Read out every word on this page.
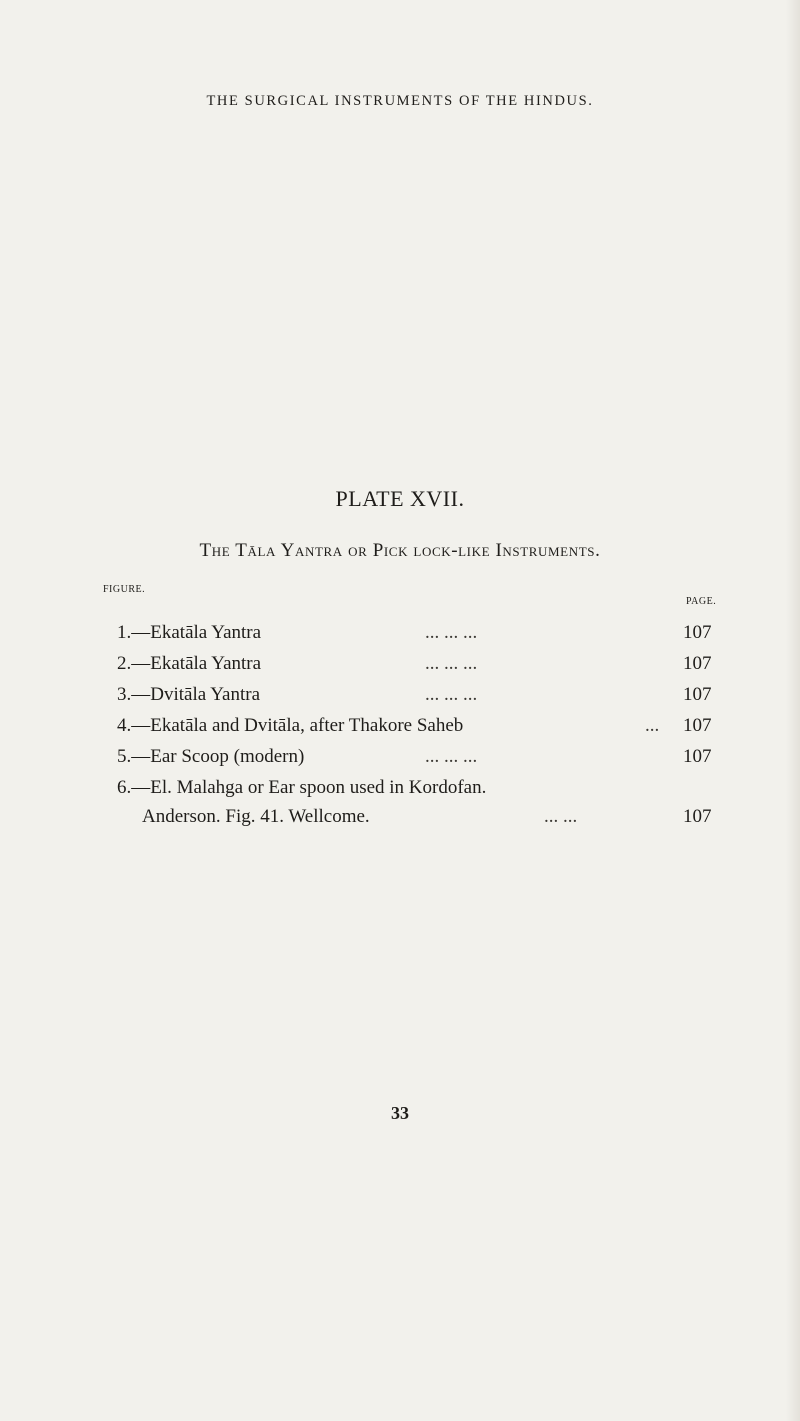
THE SURGICAL INSTRUMENTS OF THE HINDUS.
PLATE XVII.
The Tāla Yantra or Pick lock-like Instruments.
FIGURE.
PAGE.
1.—Ekatāla Yantra	... ... ...	107
2.—Ekatāla Yantra	... ... ...	107
3.—Dvitāla Yantra	... ... ...	107
4.—Ekatāla and Dvitāla, after Thakore Saheb	... 107
5.—Ear Scoop (modern)	... ... ...	107
6.—El. Malahga or Ear spoon used in Kordofan.
Anderson. Fig. 41. Wellcome.	... ...	107
33
